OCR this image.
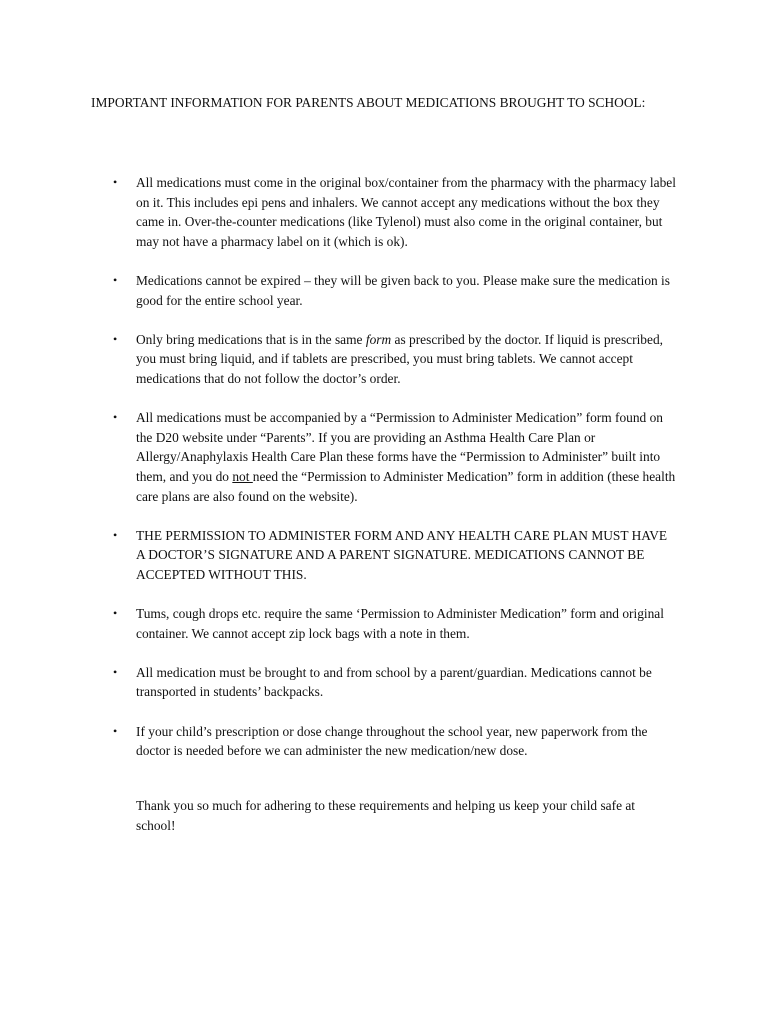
IMPORTANT INFORMATION FOR PARENTS ABOUT MEDICATIONS BROUGHT TO SCHOOL:
• All medications must come in the original box/container from the pharmacy with the pharmacy label on it. This includes epi pens and inhalers. We cannot accept any medications without the box they came in. Over-the-counter medications (like Tylenol) must also come in the original container, but may not have a pharmacy label on it (which is ok).
• Medications cannot be expired – they will be given back to you. Please make sure the medication is good for the entire school year.
• Only bring medications that is in the same form as prescribed by the doctor. If liquid is prescribed, you must bring liquid, and if tablets are prescribed, you must bring tablets. We cannot accept medications that do not follow the doctor’s order.
• All medications must be accompanied by a “Permission to Administer Medication” form found on the D20 website under “Parents”. If you are providing an Asthma Health Care Plan or Allergy/Anaphylaxis Health Care Plan these forms have the “Permission to Administer” built into them, and you do not need the “Permission to Administer Medication” form in addition (these health care plans are also found on the website).
• THE PERMISSION TO ADMINISTER FORM AND ANY HEALTH CARE PLAN MUST HAVE A DOCTOR’S SIGNATURE AND A PARENT SIGNATURE. MEDICATIONS CANNOT BE ACCEPTED WITHOUT THIS.
• Tums, cough drops etc. require the same ‘Permission to Administer Medication” form and original container. We cannot accept zip lock bags with a note in them.
• All medication must be brought to and from school by a parent/guardian. Medications cannot be transported in students’ backpacks.
• If your child’s prescription or dose change throughout the school year, new paperwork from the doctor is needed before we can administer the new medication/new dose.

Thank you so much for adhering to these requirements and helping us keep your child safe at school!
